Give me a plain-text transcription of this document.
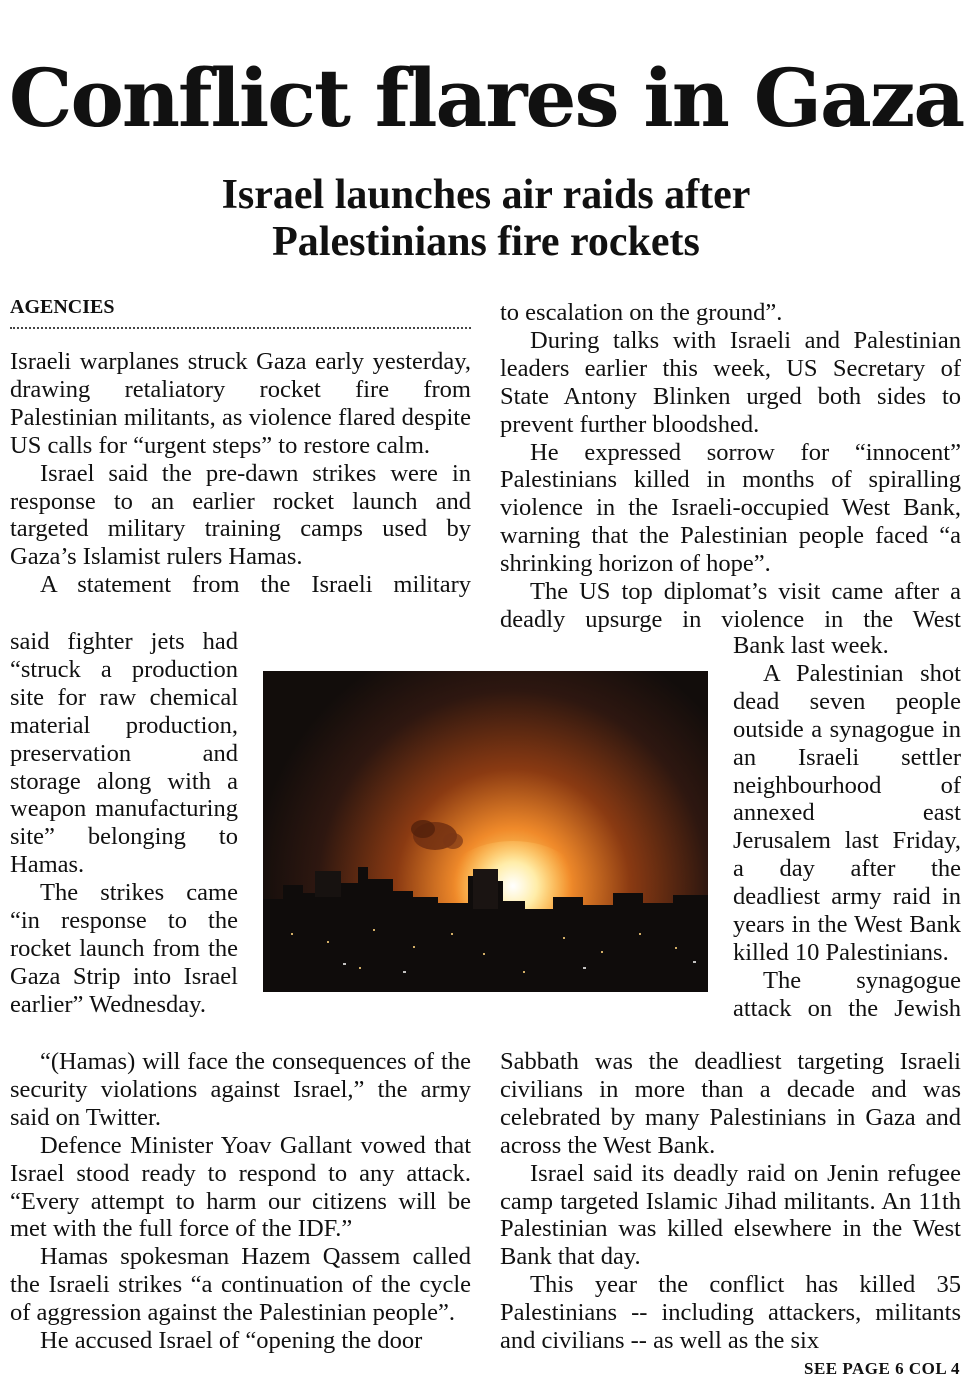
Conflict flares in Gaza
Israel launches air raids after Palestinians fire rockets
AGENCIES

Israeli warplanes struck Gaza early yesterday, drawing retaliatory rocket fire from Palestinian militants, as violence flared despite US calls for “urgent steps” to restore calm.

Israel said the pre-dawn strikes were in response to an earlier rocket launch and targeted military training camps used by Gaza’s Islamist rulers Hamas.

A statement from the Israeli military

said fighter jets had “struck a production site for raw chemical material production, preservation and storage along with a weapon manufacturing site” belonging to Hamas.

The strikes came “in response to the rocket launch from the Gaza Strip into Israel earlier” Wednesday.

“(Hamas) will face the consequences of the security violations against Israel,” the army said on Twitter.

Defence Minister Yoav Gallant vowed that Israel stood ready to respond to any attack. “Every attempt to harm our citizens will be met with the full force of the IDF.”

Hamas spokesman Hazem Qassem called the Israeli strikes “a continuation of the cycle of aggression against the Palestinian people”.

He accused Israel of “opening the door

to escalation on the ground”.

During talks with Israeli and Palestinian leaders earlier this week, US Secretary of State Antony Blinken urged both sides to prevent further bloodshed.

He expressed sorrow for “innocent” Palestinians killed in months of spiralling violence in the Israeli-occupied West Bank, warning that the Palestinian people faced “a shrinking horizon of hope”.

The US top diplomat’s visit came after a deadly upsurge in violence in the West

Bank last week.

A Palestinian shot dead seven people outside a synagogue in an Israeli settler neighbourhood of annexed east Jerusalem last Friday, a day after the deadliest army raid in years in the West Bank killed 10 Palestinians.

The synagogue attack on the Jewish

Sabbath was the deadliest targeting Israeli civilians in more than a decade and was celebrated by many Palestinians in Gaza and across the West Bank.

Israel said its deadly raid on Jenin refugee camp targeted Islamic Jihad militants. An 11th Palestinian was killed elsewhere in the West Bank that day.

This year the conflict has killed 35 Palestinians -- including attackers, militants and civilians -- as well as the six

SEE PAGE 6 COL 4
